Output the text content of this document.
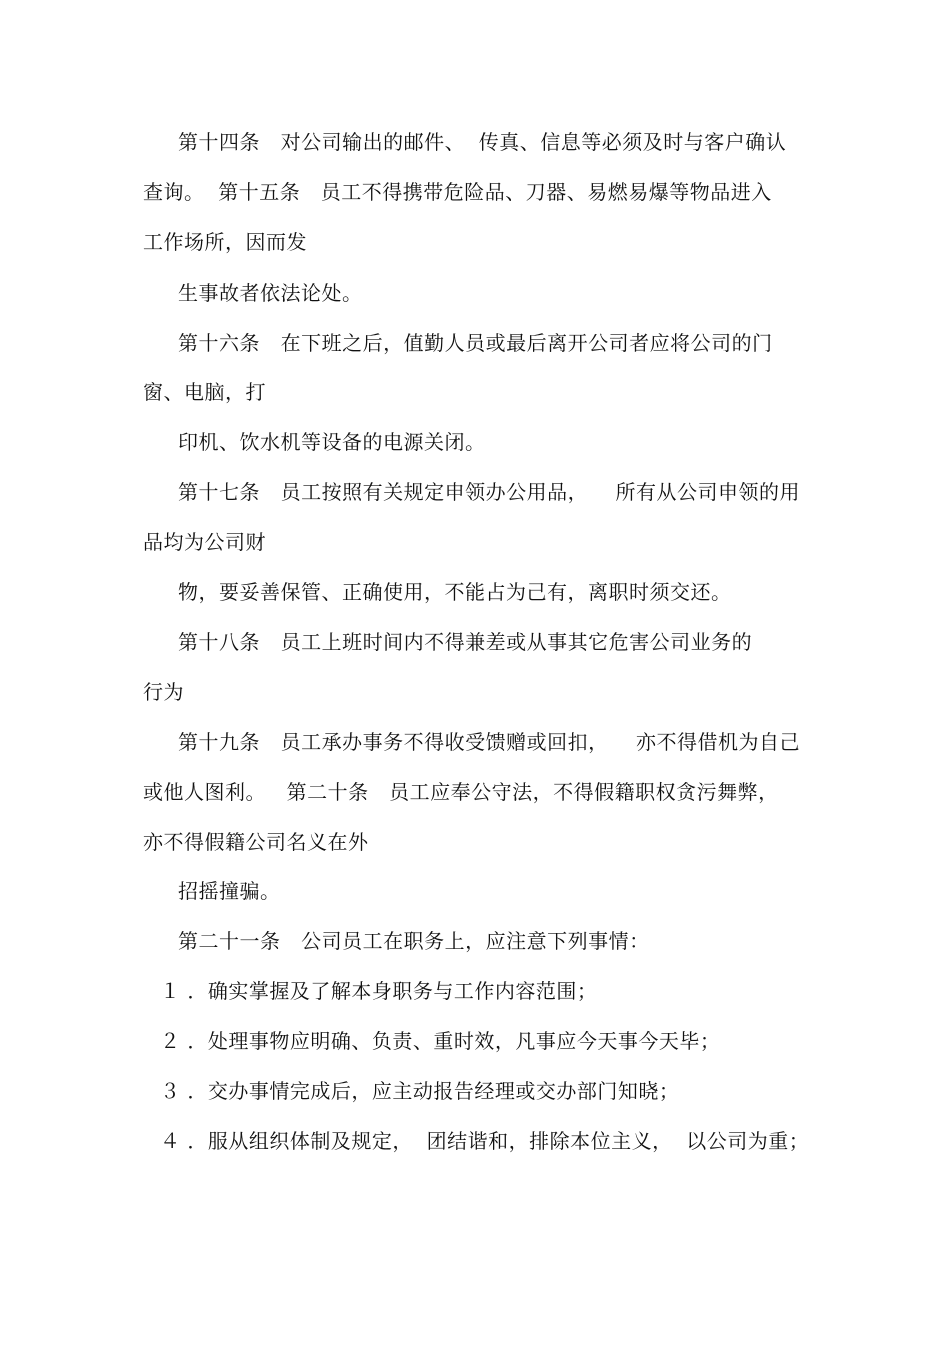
第十四条   对公司输出的邮件、  传真、信息等必须及时与客户确认
查询。  第十五条   员工不得携带危险品、刀器、易燃易爆等物品进入
工作场所，因而发
生事故者依法论处。
第十六条   在下班之后，值勤人员或最后离开公司者应将公司的门
窗、电脑，打
印机、饮水机等设备的电源关闭。
第十七条   员工按照有关规定申领办公用品，    所有从公司申领的用
品均为公司财
物，要妥善保管、正确使用，不能占为己有，离职时须交还。
第十八条   员工上班时间内不得兼差或从事其它危害公司业务的
行为
第十九条   员工承办事务不得收受馈赠或回扣，    亦不得借机为自己
或他人图利。   第二十条   员工应奉公守法，不得假籍职权贪污舞弊，
亦不得假籍公司名义在外
招摇撞骗。
第二十一条   公司员工在职务上，应注意下列事情：
１ ．确实掌握及了解本身职务与工作内容范围；
２ ．处理事物应明确、负责、重时效，凡事应今天事今天毕；
３ ．交办事情完成后，应主动报告经理或交办部门知晓；
４ ．服从组织体制及规定，  团结谐和，排除本位主义，  以公司为重；
